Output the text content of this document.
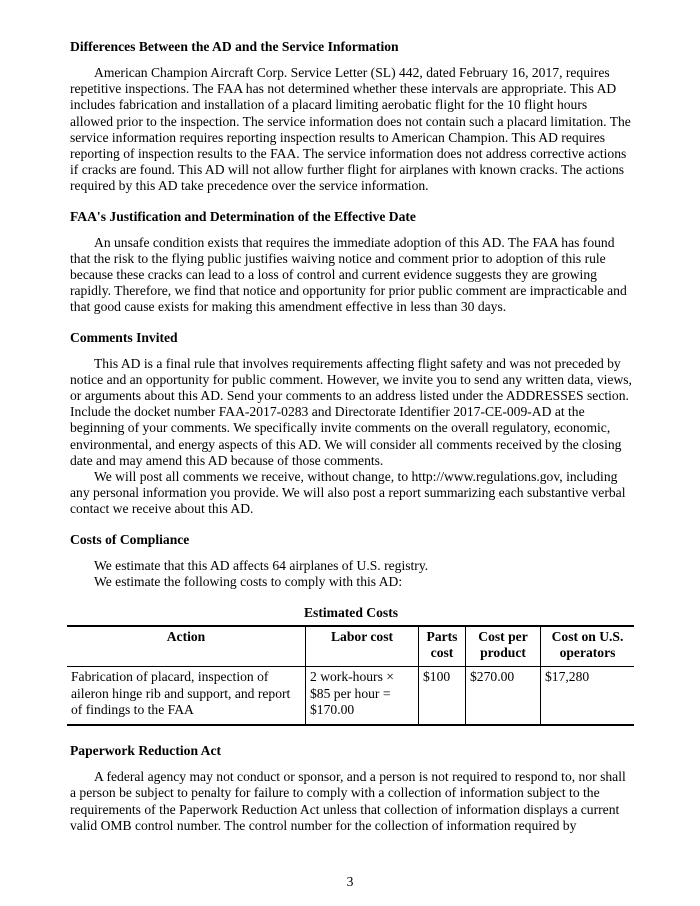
Differences Between the AD and the Service Information

American Champion Aircraft Corp. Service Letter (SL) 442, dated February 16, 2017, requires repetitive inspections. The FAA has not determined whether these intervals are appropriate. This AD includes fabrication and installation of a placard limiting aerobatic flight for the 10 flight hours allowed prior to the inspection. The service information does not contain such a placard limitation. The service information requires reporting inspection results to American Champion. This AD requires reporting of inspection results to the FAA. The service information does not address corrective actions if cracks are found. This AD will not allow further flight for airplanes with known cracks. The actions required by this AD take precedence over the service information.

FAA's Justification and Determination of the Effective Date

An unsafe condition exists that requires the immediate adoption of this AD. The FAA has found that the risk to the flying public justifies waiving notice and comment prior to adoption of this rule because these cracks can lead to a loss of control and current evidence suggests they are growing rapidly. Therefore, we find that notice and opportunity for prior public comment are impracticable and that good cause exists for making this amendment effective in less than 30 days.

Comments Invited

This AD is a final rule that involves requirements affecting flight safety and was not preceded by notice and an opportunity for public comment. However, we invite you to send any written data, views, or arguments about this AD. Send your comments to an address listed under the ADDRESSES section. Include the docket number FAA-2017-0283 and Directorate Identifier 2017-CE-009-AD at the beginning of your comments. We specifically invite comments on the overall regulatory, economic, environmental, and energy aspects of this AD. We will consider all comments received by the closing date and may amend this AD because of those comments.

We will post all comments we receive, without change, to http://www.regulations.gov, including any personal information you provide. We will also post a report summarizing each substantive verbal contact we receive about this AD.

Costs of Compliance

We estimate that this AD affects 64 airplanes of U.S. registry.

We estimate the following costs to comply with this AD:

Estimated Costs
Action	Labor cost	Parts cost	Cost per product	Cost on U.S. operators
Fabrication of placard, inspection of aileron hinge rib and support, and report of findings to the FAA	2 work-hours × $85 per hour = $170.00	$100	$270.00	$17,280
Paperwork Reduction Act

A federal agency may not conduct or sponsor, and a person is not required to respond to, nor shall a person be subject to penalty for failure to comply with a collection of information subject to the requirements of the Paperwork Reduction Act unless that collection of information displays a current valid OMB control number. The control number for the collection of information required by

3
